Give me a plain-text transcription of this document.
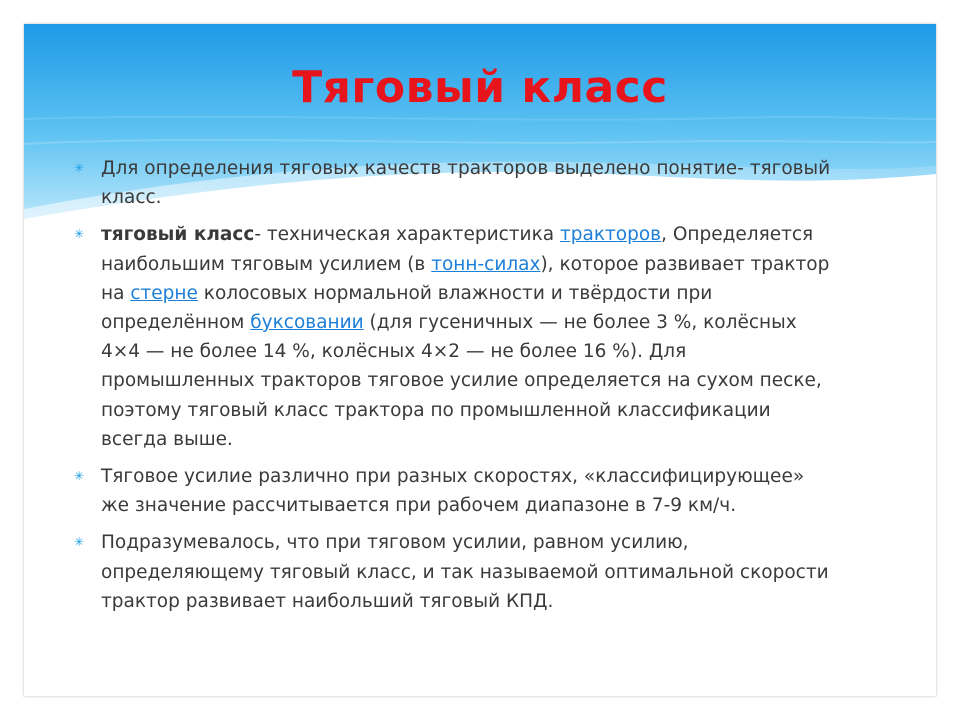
Тяговый класс
✳ Для определения тяговых качеств тракторов выделено понятие- тяговый класс.
✳ тяговый класс- техническая характеристика тракторов, Определяется наибольшим тяговым усилием (в тонн-силах), которое развивает трактор на стерне колосовых нормальной влажности и твёрдости при определённом буксовании (для гусеничных — не более 3 %, колёсных 4×4 — не более 14 %, колёсных 4×2 — не более 16 %). Для промышленных тракторов тяговое усилие определяется на сухом песке, поэтому тяговый класс трактора по промышленной классификации всегда выше.
✳ Тяговое усилие различно при разных скоростях, «классифицирующее» же значение рассчитывается при рабочем диапазоне в 7-9 км/ч.
✳ Подразумевалось, что при тяговом усилии, равном усилию, определяющему тяговый класс, и так называемой оптимальной скорости трактор развивает наибольший тяговый КПД.
